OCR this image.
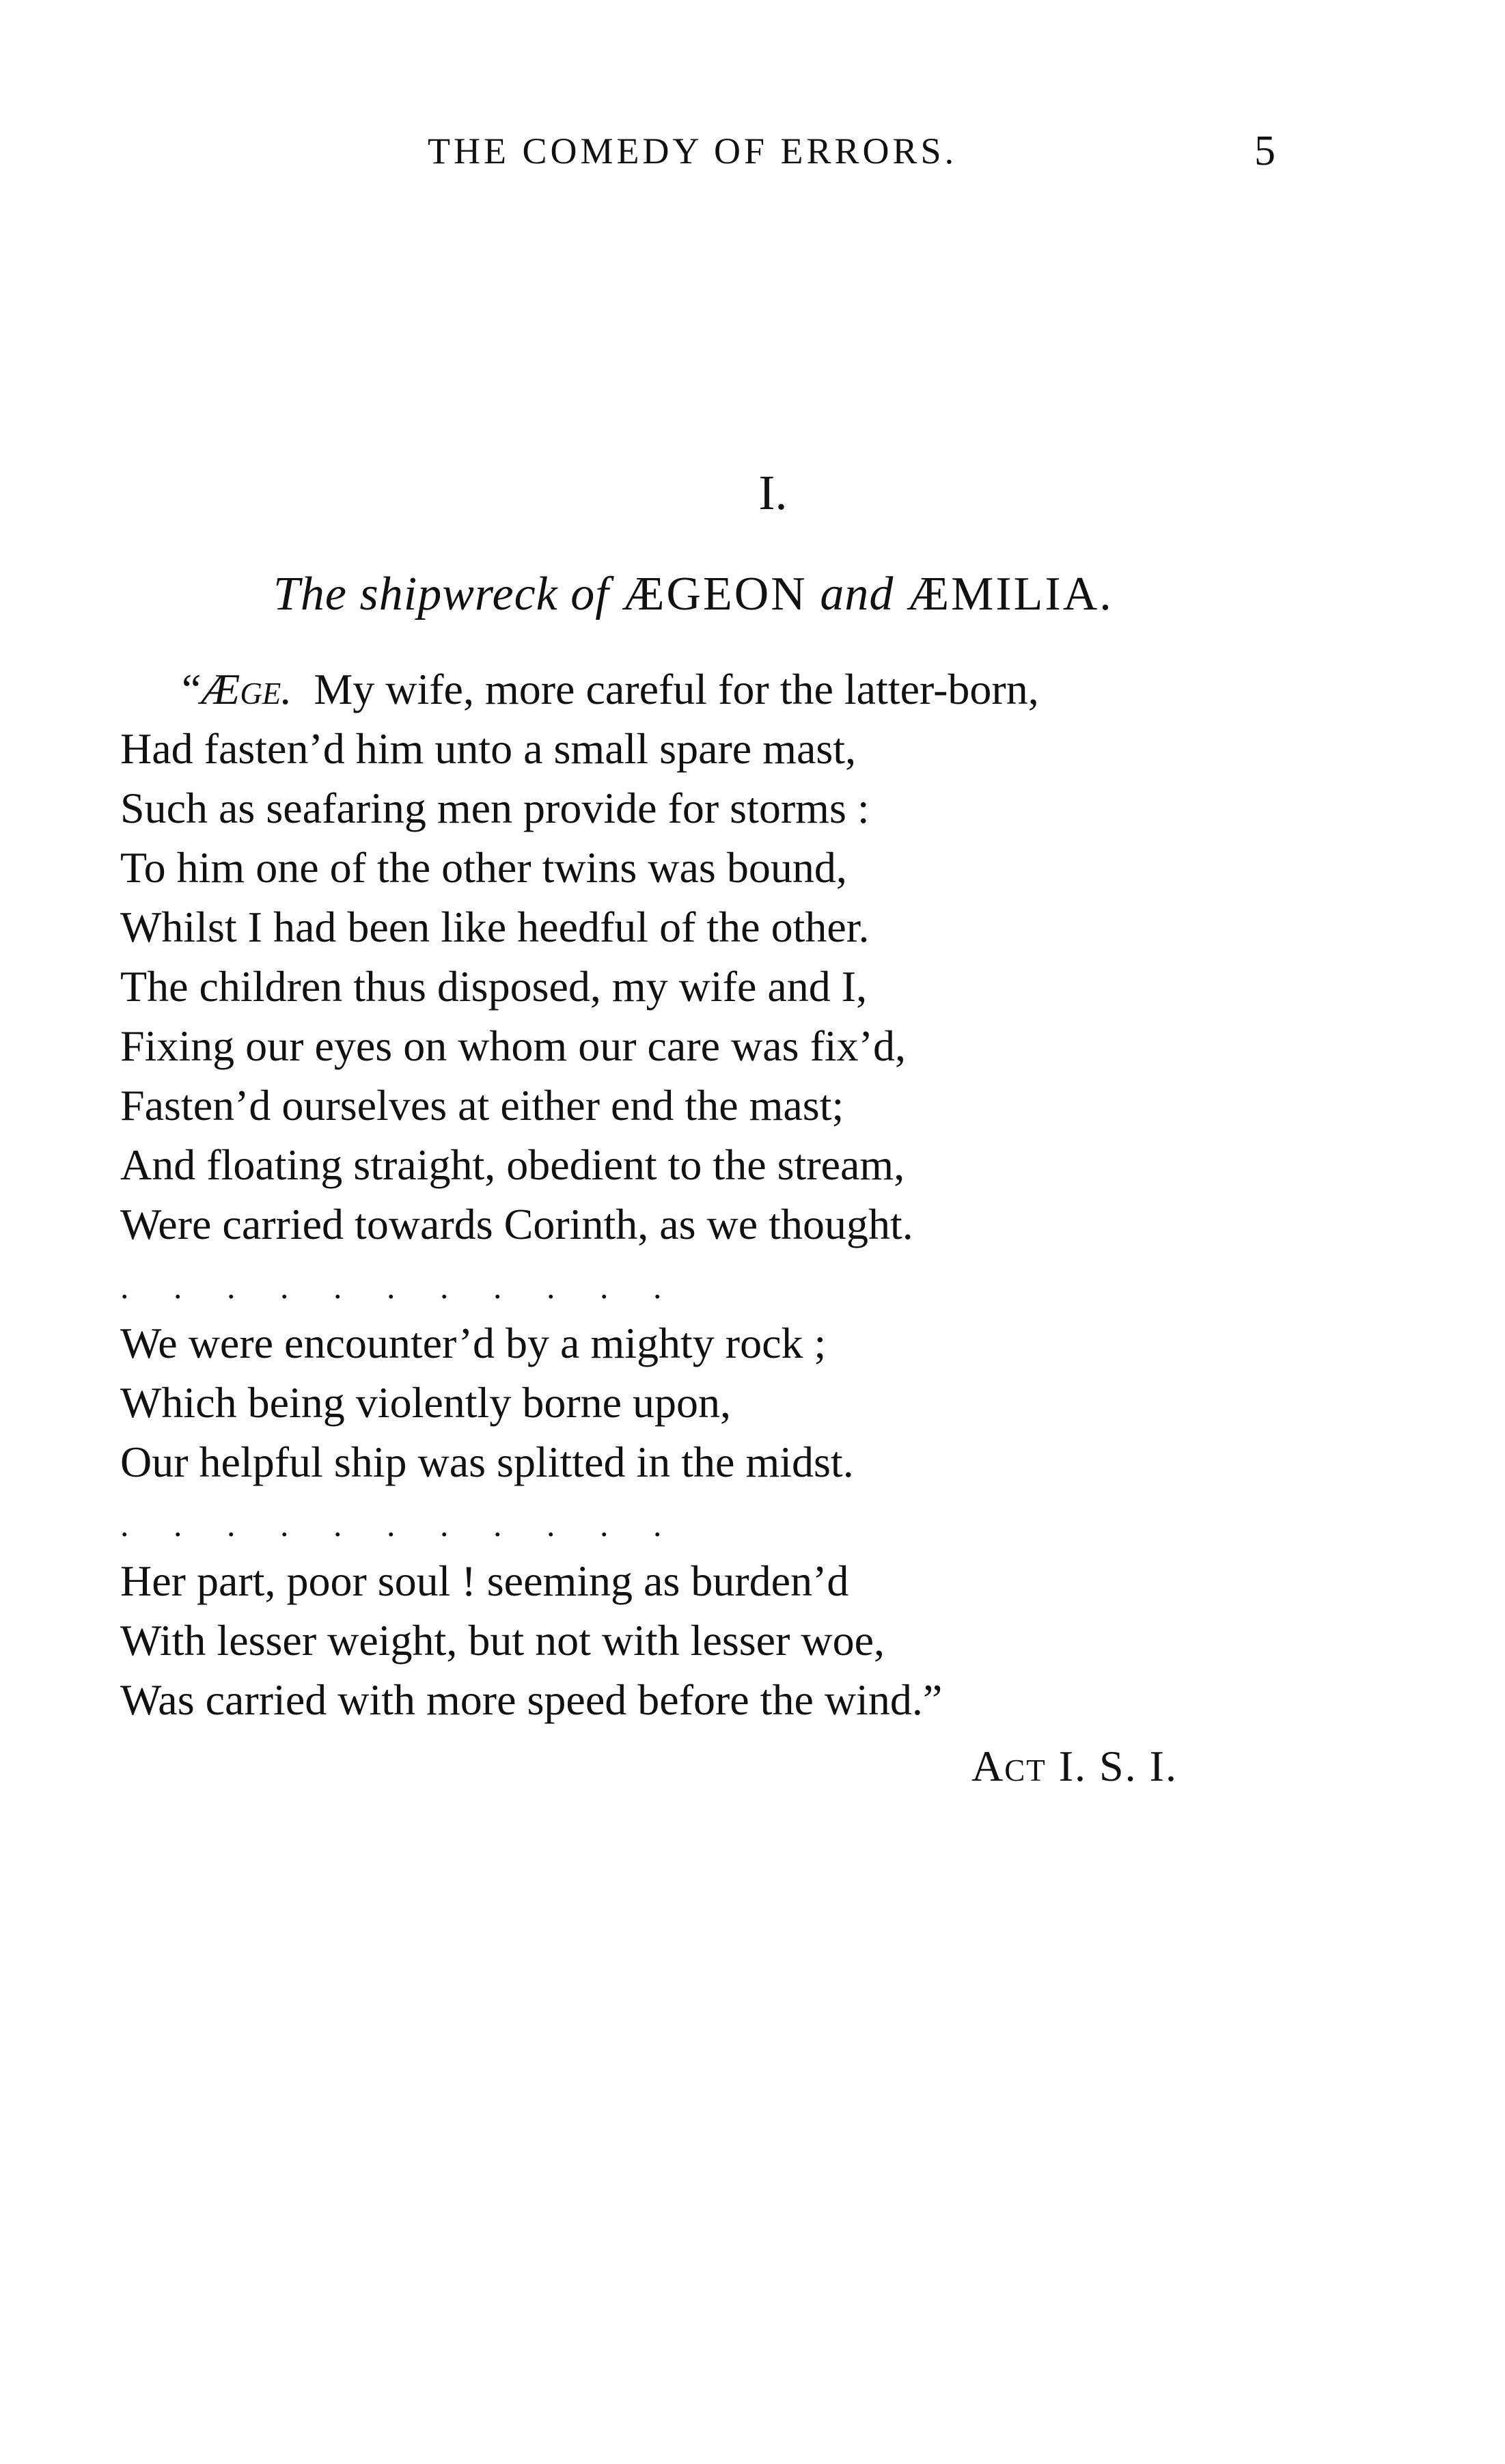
THE COMEDY OF ERRORS.	5
I.
The shipwreck of ÆGEON and ÆMILIA.
“Æge. My wife, more careful for the latter-born,
Had fasten’d him unto a small spare mast,
Such as seafaring men provide for storms :
To him one of the other twins was bound,
Whilst I had been like heedful of the other.
The children thus disposed, my wife and I,
Fixing our eyes on whom our care was fix’d,
Fasten’d ourselves at either end the mast;
And floating straight, obedient to the stream,
Were carried towards Corinth, as we thought.
. . . . . . . . . . .
We were encounter’d by a mighty rock ;
Which being violently borne upon,
Our helpful ship was splitted in the midst.
. . . . . . . . . . .
Her part, poor soul ! seeming as burden’d
With lesser weight, but not with lesser woe,
Was carried with more speed before the wind.”
Act I. S. I.
